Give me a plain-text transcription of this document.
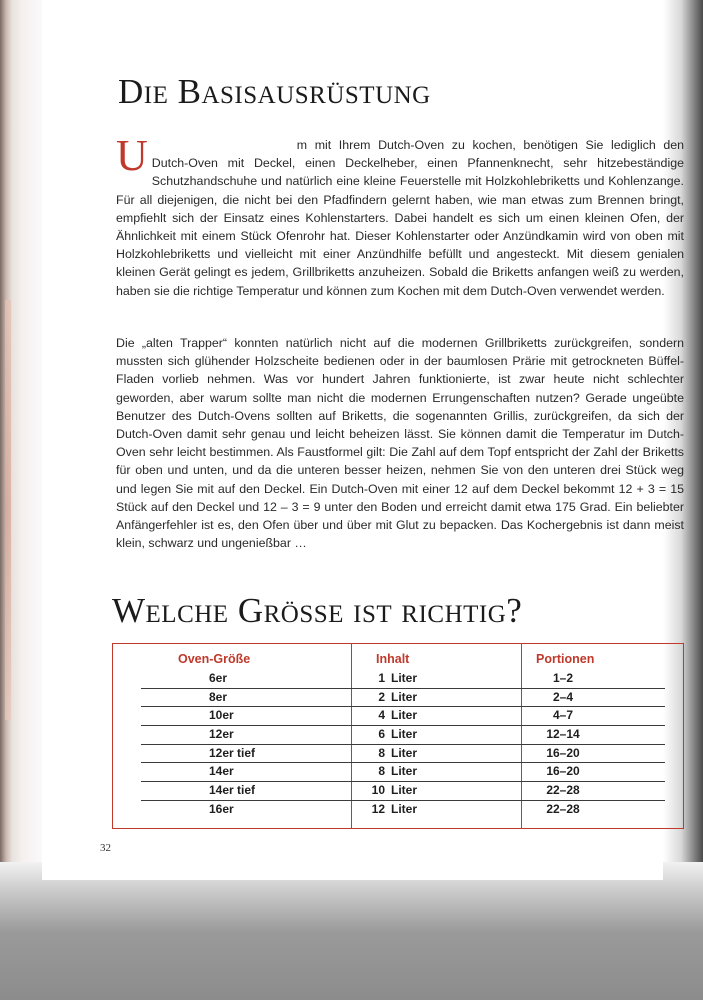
Die Basisausrüstung

U	m mit Ihrem Dutch-Oven zu kochen, benötigen Sie lediglich den Dutch-Oven mit Deckel, einen Deckelheber, einen Pfannenknecht, sehr hitzebeständige Schutzhandschuhe und natürlich eine kleine Feuerstelle mit Holzkohlebriketts und Kohlenzange. Für all diejenigen, die nicht bei den Pfadfindern gelernt haben, wie man etwas zum Brennen bringt, empfiehlt sich der Einsatz eines Kohlenstarters. Dabei handelt es sich um einen kleinen Ofen, der Ähnlichkeit mit einem Stück Ofenrohr hat. Dieser Kohlenstarter oder Anzündkamin wird von oben mit Holzkohlebriketts und vielleicht mit einer Anzündhilfe befüllt und angesteckt. Mit diesem genialen kleinen Gerät gelingt es jedem, Grillbriketts anzuheizen. Sobald die Briketts anfangen weiß zu werden, haben sie die richtige Temperatur und können zum Kochen mit dem Dutch-Oven verwendet werden.

Die „alten Trapper“ konnten natürlich nicht auf die modernen Grillbriketts zurückgreifen, sondern mussten sich glühender Holzscheite bedienen oder in der baumlosen Prärie mit getrockneten Büffel-Fladen vorlieb nehmen. Was vor hundert Jahren funktionierte, ist zwar heute nicht schlechter geworden, aber warum sollte man nicht die modernen Errungenschaften nutzen? Gerade ungeübte Benutzer des Dutch-Ovens sollten auf Briketts, die sogenannten Grillis, zurückgreifen, da sich der Dutch-Oven damit sehr genau und leicht beheizen lässt. Sie können damit die Temperatur im Dutch-Oven sehr leicht bestimmen. Als Faustformel gilt: Die Zahl auf dem Topf entspricht der Zahl der Briketts für oben und unten, und da die unteren besser heizen, nehmen Sie von den unteren drei Stück weg und legen Sie mit auf den Deckel. Ein Dutch-Oven mit einer 12 auf dem Deckel bekommt 12 + 3 = 15 Stück auf den Deckel und 12 – 3 = 9 unter den Boden und erreicht damit etwa 175 Grad. Ein beliebter Anfängerfehler ist es, den Ofen über und über mit Glut zu bepacken. Das Kochergebnis ist dann meist klein, schwarz und ungenießbar …

Welche Grösse ist richtig?
Oven-Größe	Inhalt	Portionen
6er	1 Liter	1–2
8er	2 Liter	2–4
10er	4 Liter	4–7
12er	6 Liter	12–14
12er tief	8 Liter	16–20
14er	8 Liter	16–20
14er tief	10 Liter	22–28
16er	12 Liter	22–28
32
